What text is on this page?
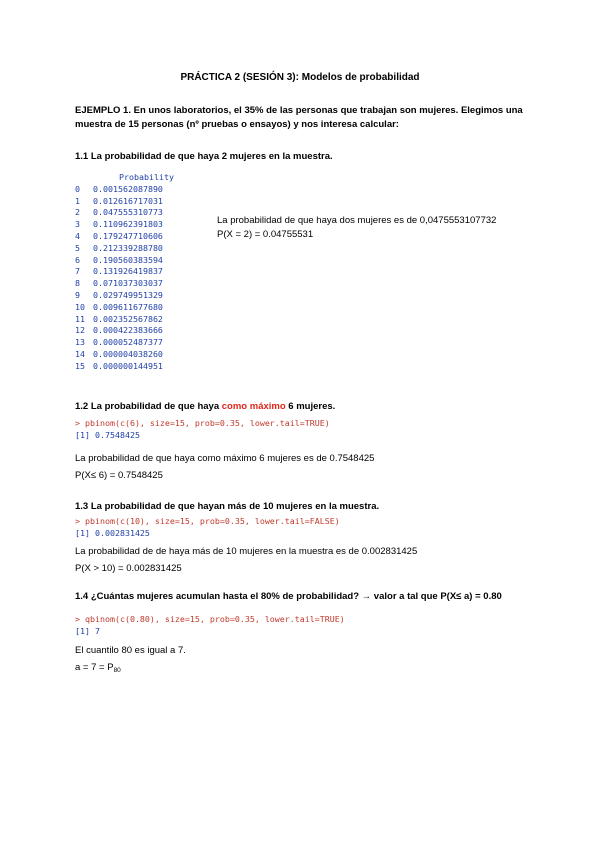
PRÁCTICA 2 (SESIÓN 3): Modelos de probabilidad
EJEMPLO 1. En unos laboratorios, el 35% de las personas que trabajan son mujeres. Elegimos una
muestra de 15 personas (nº pruebas o ensayos) y nos interesa calcular:
1.1 La probabilidad de que haya 2 mujeres en la muestra.
Probability
0 0.001562087890
1 0.012616717031
2 0.047555310773
3 0.110962391803
4 0.179247710606
5 0.212339288780
6 0.190560383594
7 0.131926419837
8 0.071037303037
9 0.029749951329
10 0.009611677680
11 0.002352567862
12 0.000422383666
13 0.000052487377
14 0.000004038260
15 0.000000144951
La probabilidad de que haya dos mujeres es de 0,0475553107732
P(X = 2) = 0.04755531
1.2 La probabilidad de que haya como máximo 6 mujeres.
> pbinom(c(6), size=15, prob=0.35, lower.tail=TRUE)
[1] 0.7548425
La probabilidad de que haya como máximo 6 mujeres es de 0.7548425
P(X≤ 6) = 0.7548425
1.3 La probabilidad de que hayan más de 10 mujeres en la muestra.
> pbinom(c(10), size=15, prob=0.35, lower.tail=FALSE)
[1] 0.002831425
La probabilidad de de haya más de 10 mujeres en la muestra es de 0.002831425
P(X > 10) = 0.002831425
1.4 ¿Cuántas mujeres acumulan hasta el 80% de probabilidad? → valor a tal que P(X≤ a) = 0.80
> qbinom(c(0.80), size=15, prob=0.35, lower.tail=TRUE)
[1] 7
El cuantilo 80 es igual a 7.
$a = 7 = P_{80}$
